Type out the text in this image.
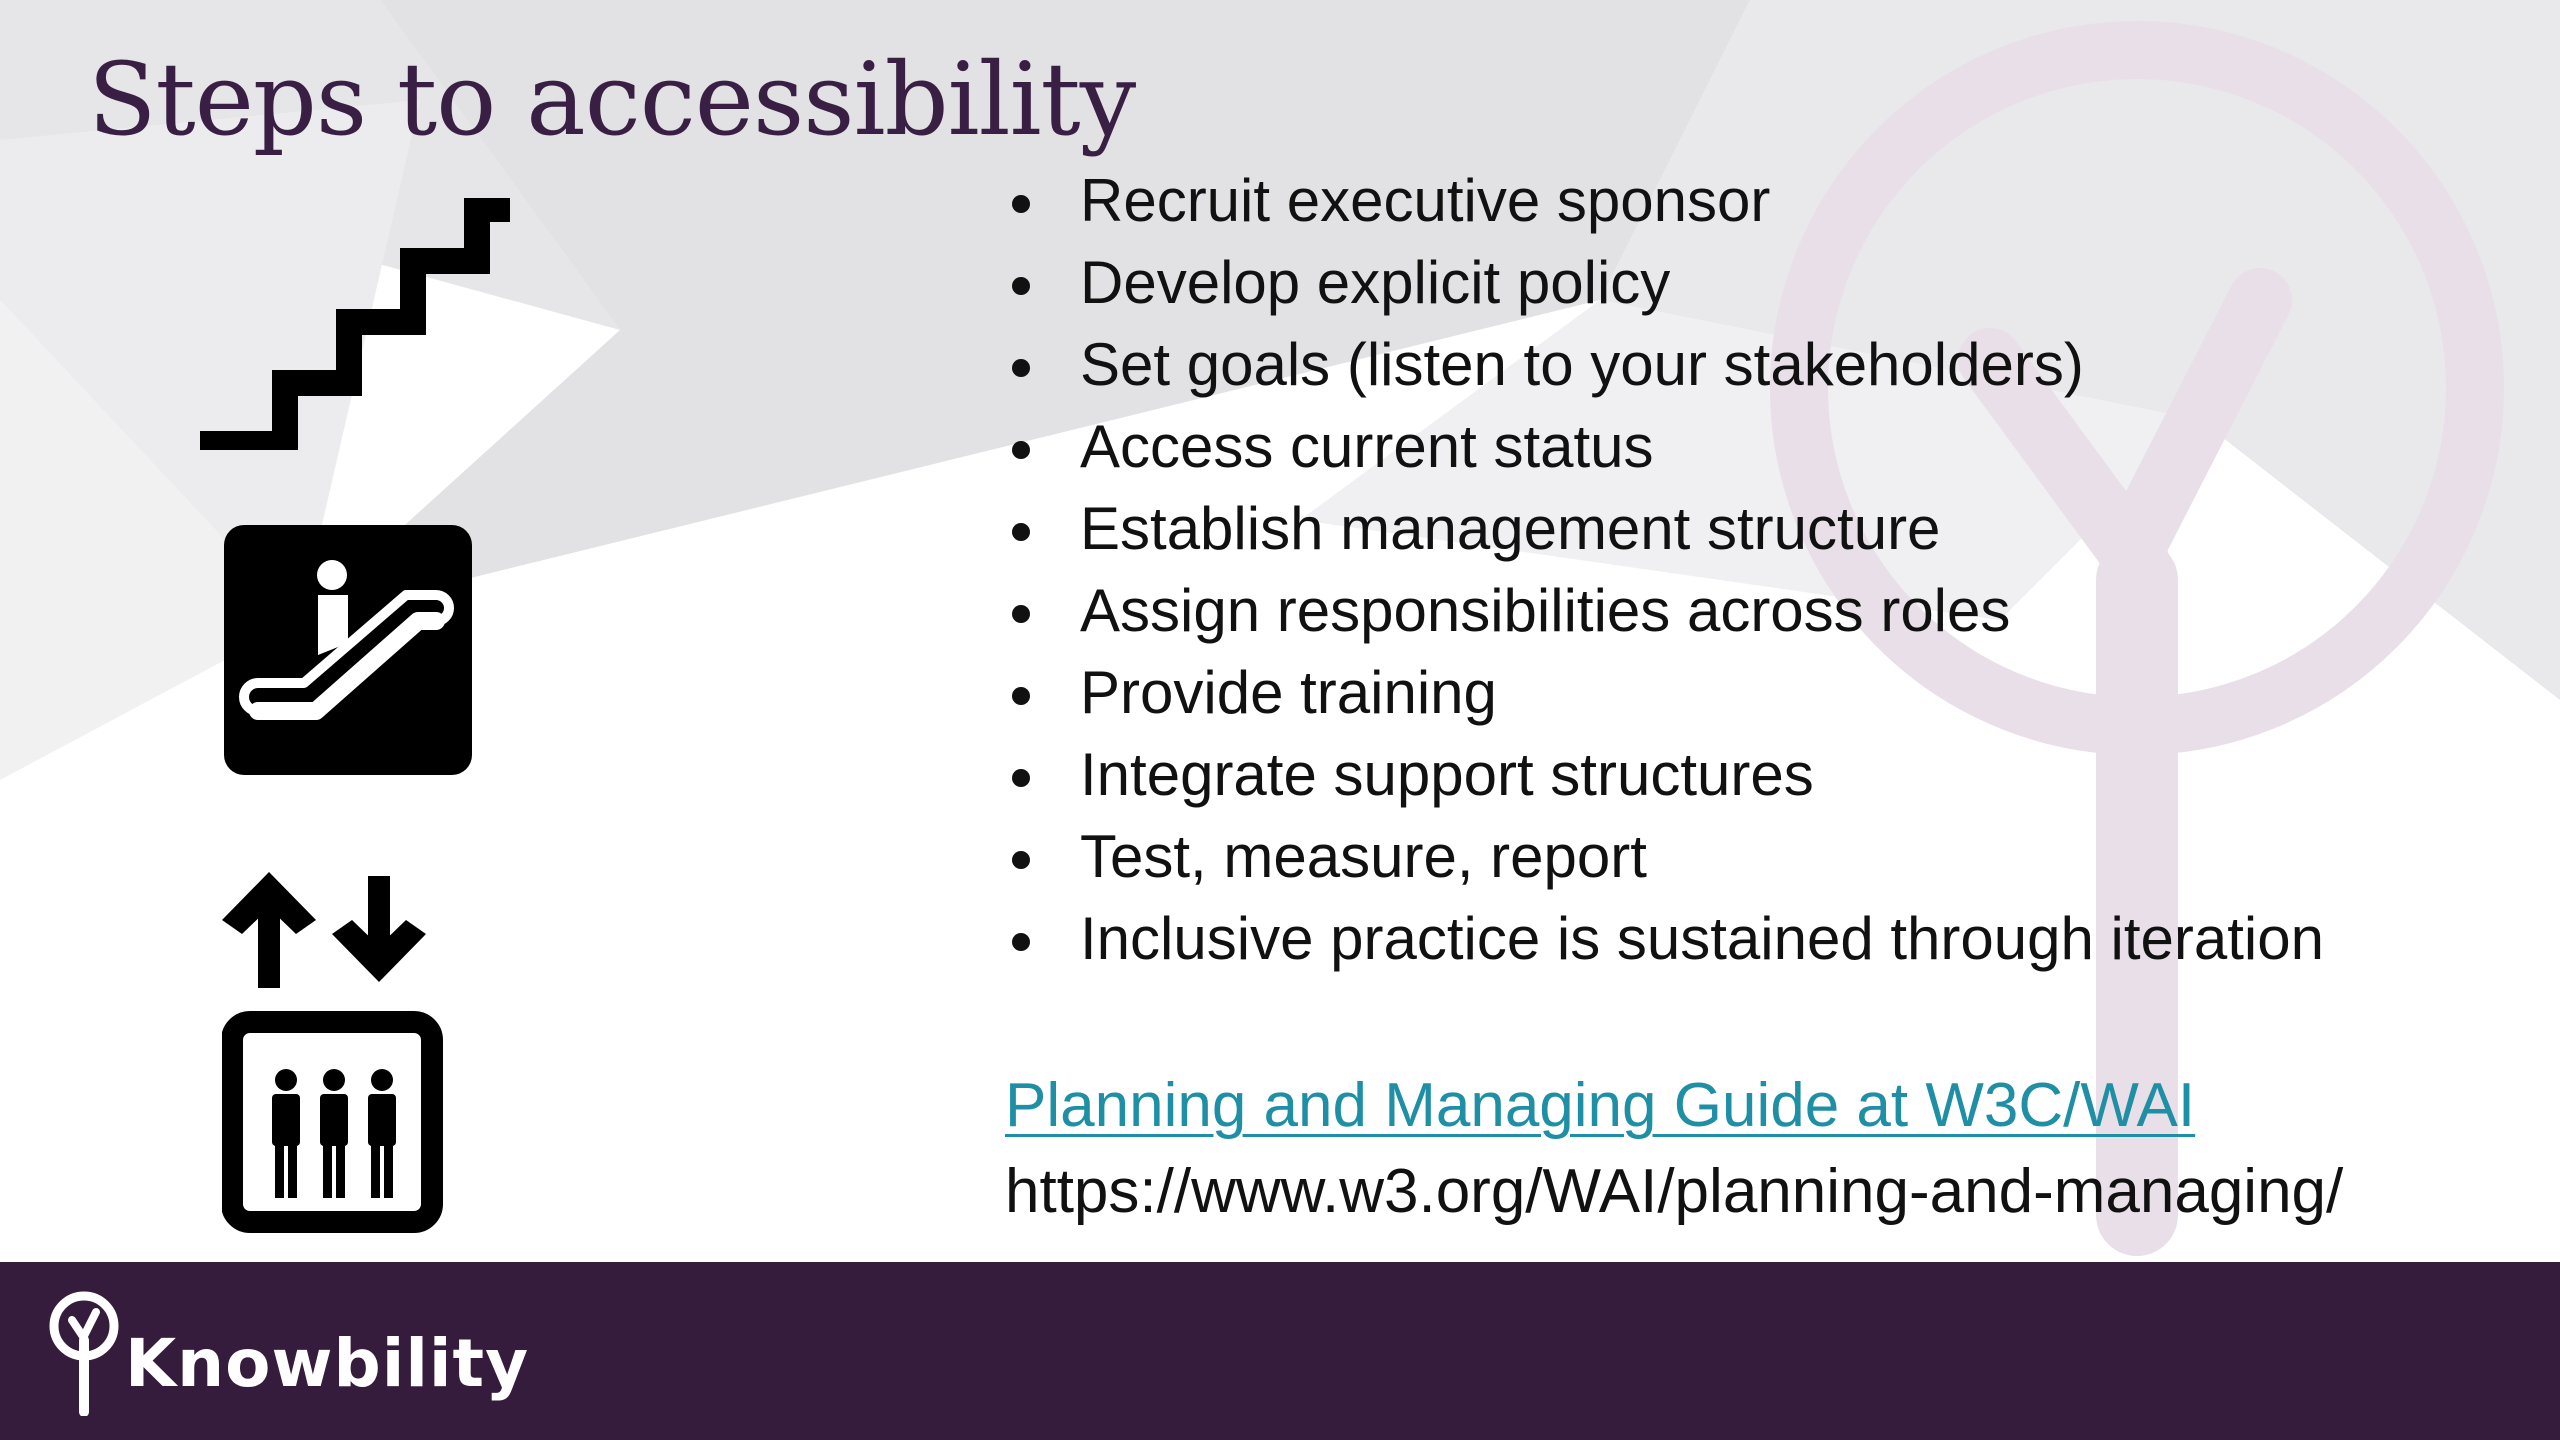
Steps to accessibility
Recruit executive sponsor
Develop explicit policy
Set goals (listen to your stakeholders)
Access current status
Establish management structure
Assign responsibilities across roles
Provide training
Integrate support structures
Test, measure, report
Inclusive practice is sustained through iteration
Planning and Managing Guide at W3C/WAI
https://www.w3.org/WAI/planning-and-managing/
Knowbility
